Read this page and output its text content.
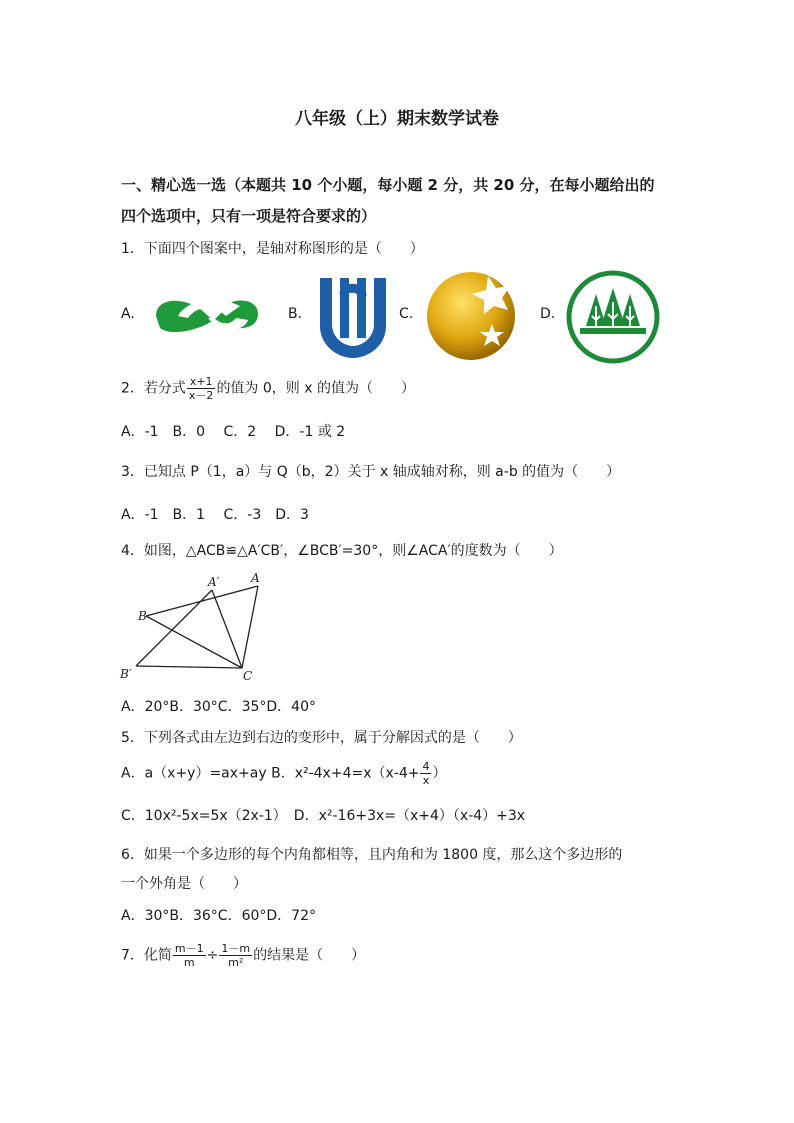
八年级（上）期末数学试卷
一、精心选一选（本题共 10 个小题，每小题 2 分，共 20 分，在每小题给出的
四个选项中，只有一项是符合要求的）
1．下面四个图案中，是轴对称图形的是（　　）
A.	B.	C.	D.
2．若分式 $\frac{x+1}{x-2}$ 的值为 0，则 x 的值为（　　）
A．-1　B．0　 C．2　 D．-1 或 2
3．已知点 P（1，a）与 Q（b，2）关于 x 轴成轴对称，则 a-b 的值为（　　）
A．-1　B．1　 C．-3　D．3
4．如图，△ACB≌△A′CB′，∠BCB′=30°，则∠ACA′的度数为（　　）
A′	A
B
B′	C
A．20°B．30°C．35°D．40°
5．下列各式由左边到右边的变形中，属于分解因式的是（　　）
A．a（x+y）=ax+ay B．$x^2-4x+4=x(x-4+ \frac{4}{x}$ ）
C．10x²-5x=5x（2x-1）　D．x²-16+3x=（x+4）（x-4）+3x
6．如果一个多边形的每个内角都相等，且内角和为 1800 度，那么这个多边形的
一个外角是（　　）
A．30°B．36°C．60°D．72°
7．化简 $\frac{m-1}{m} \div \frac{1-m}{\text{m²}}$ 的结果是（　　）
